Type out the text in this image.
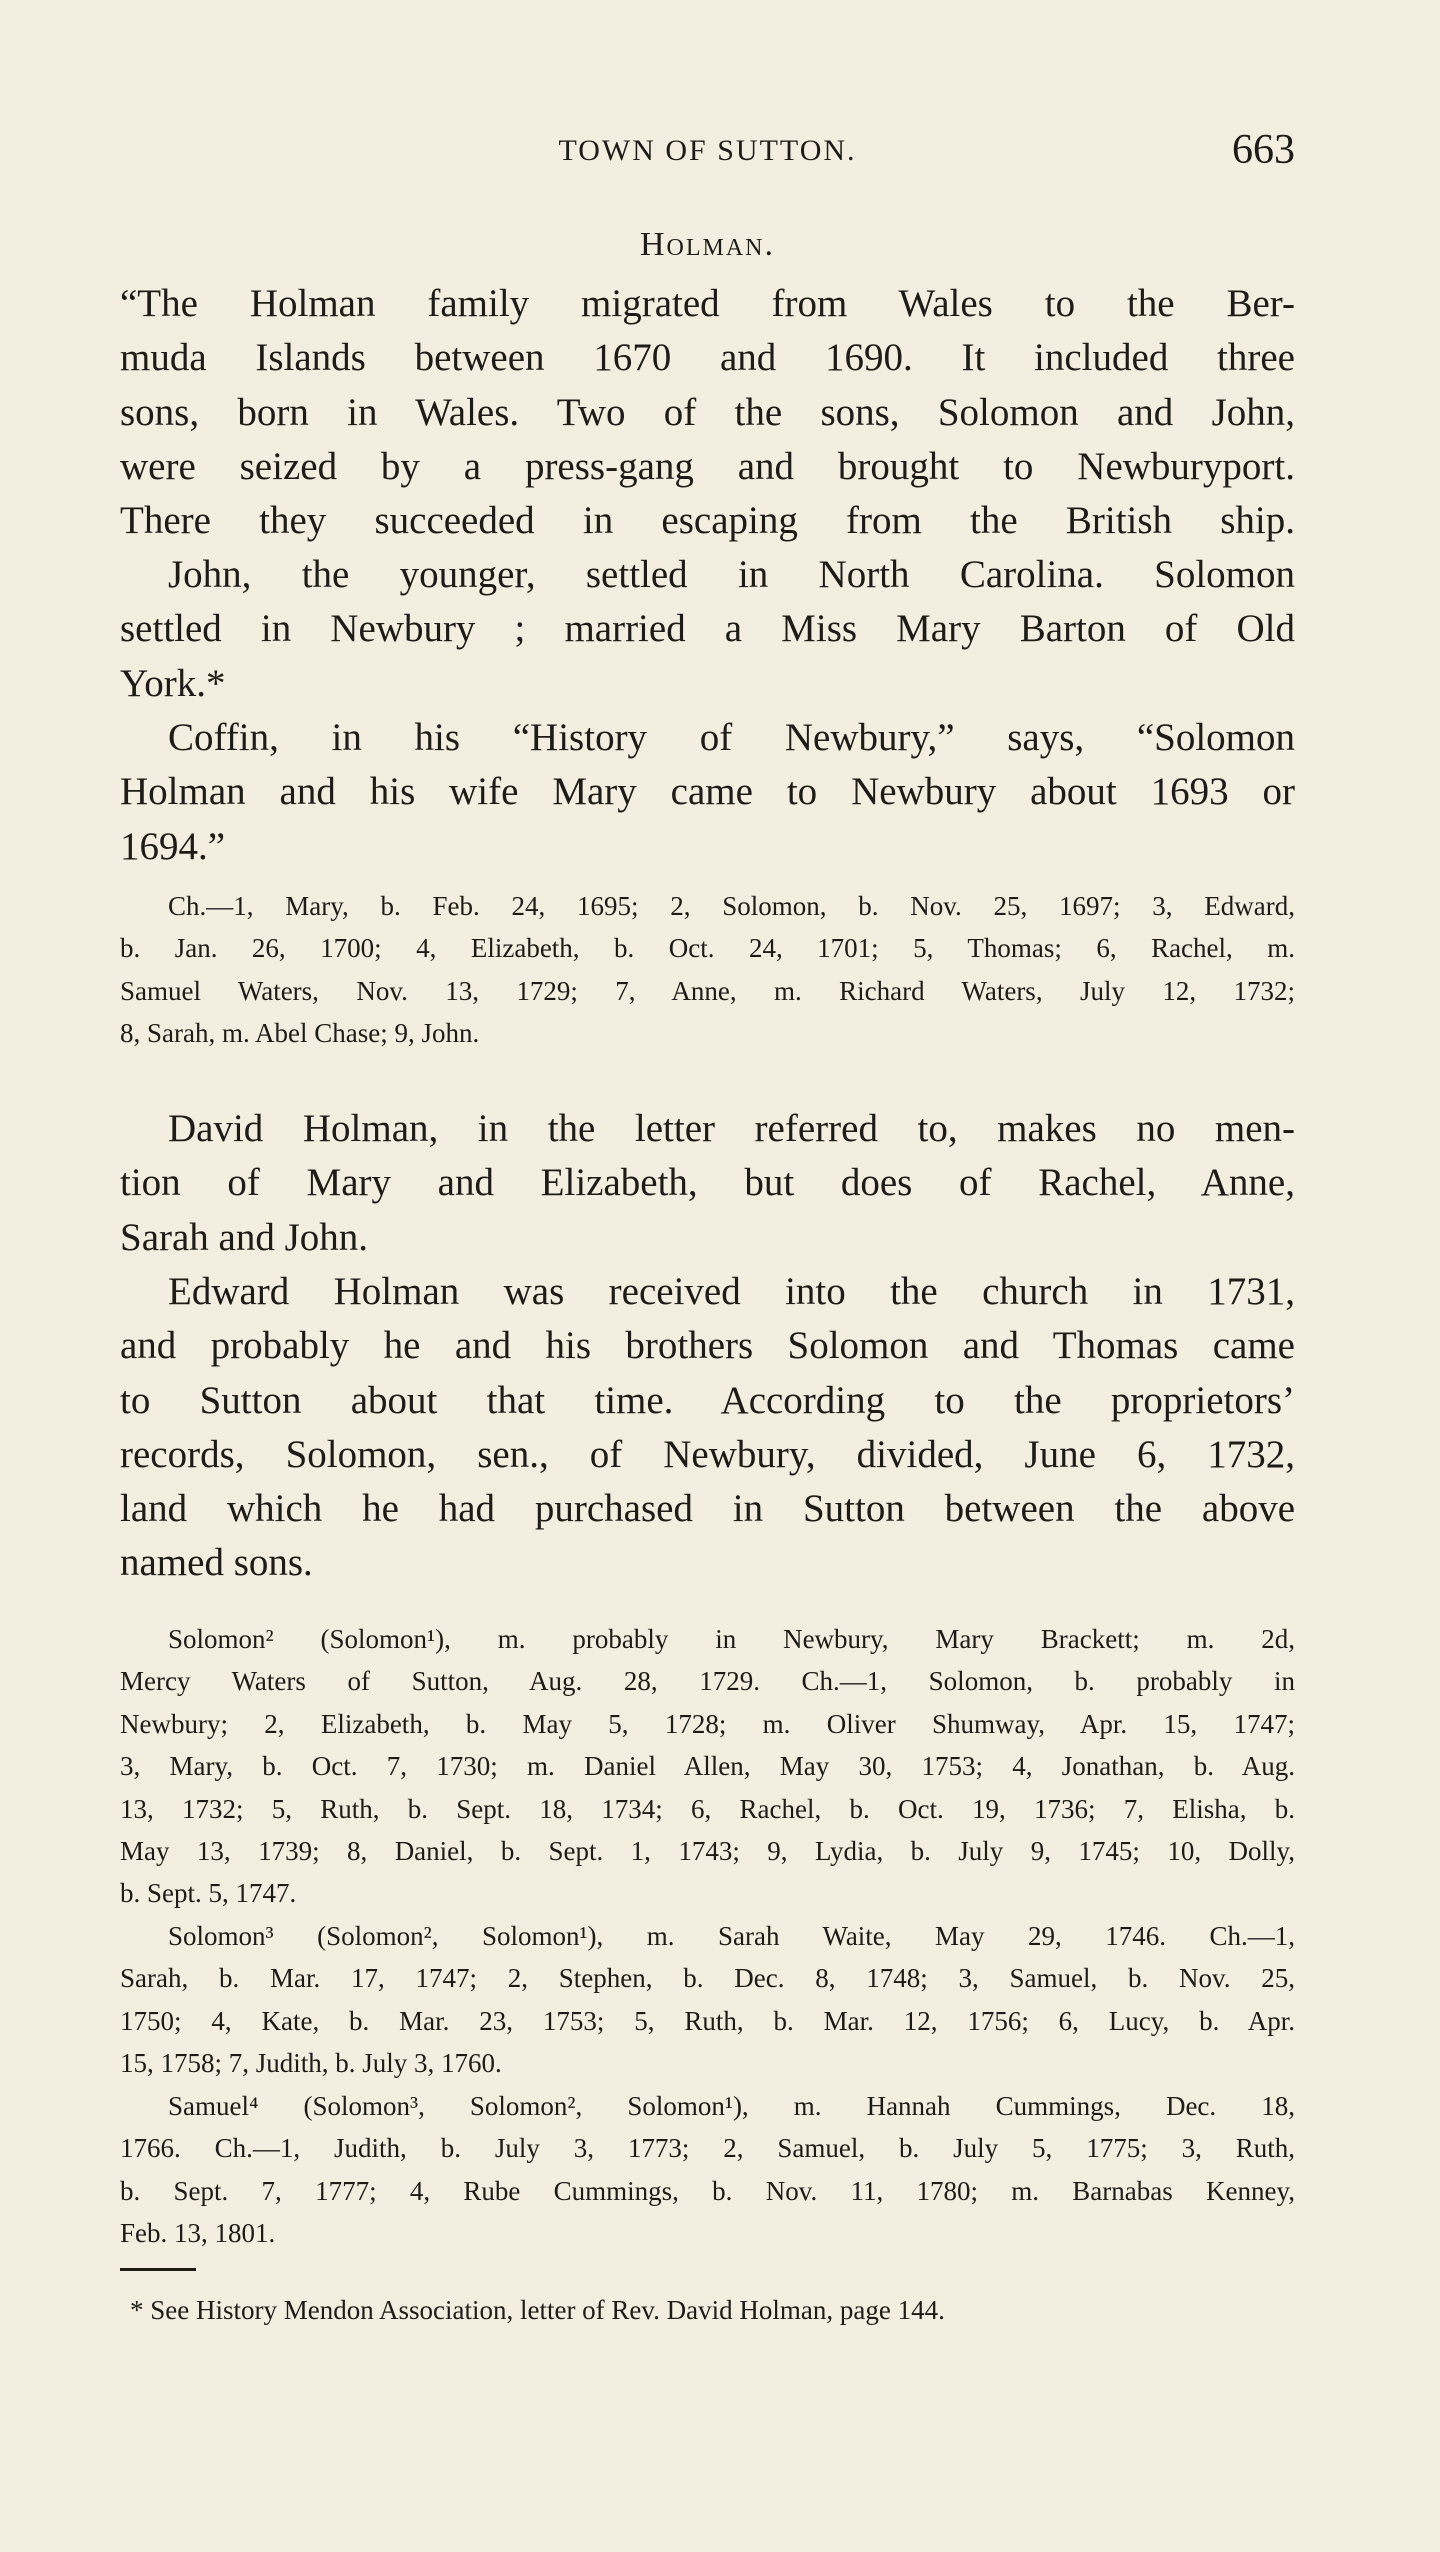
TOWN OF SUTTON.	663
Holman.

“The Holman family migrated from Wales to the Ber-
muda Islands between 1670 and 1690. It included three
sons, born in Wales. Two of the sons, Solomon and John,
were seized by a press-gang and brought to Newburyport.
There they succeeded in escaping from the British ship.

John, the younger, settled in North Carolina. Solomon
settled in Newbury ; married a Miss Mary Barton of Old
York.*

Coffin, in his “History of Newbury,” says, “Solomon
Holman and his wife Mary came to Newbury about 1693 or
1694.”

Ch.—1, Mary, b. Feb. 24, 1695; 2, Solomon, b. Nov. 25, 1697; 3, Edward,
b. Jan. 26, 1700; 4, Elizabeth, b. Oct. 24, 1701; 5, Thomas; 6, Rachel, m.
Samuel Waters, Nov. 13, 1729; 7, Anne, m. Richard Waters, July 12, 1732;
8, Sarah, m. Abel Chase; 9, John.

David Holman, in the letter referred to, makes no men-
tion of Mary and Elizabeth, but does of Rachel, Anne,
Sarah and John.

Edward Holman was received into the church in 1731,
and probably he and his brothers Solomon and Thomas came
to Sutton about that time. According to the proprietors’
records, Solomon, sen., of Newbury, divided, June 6, 1732,
land which he had purchased in Sutton between the above
named sons.

Solomon² (Solomon¹), m. probably in Newbury, Mary Brackett; m. 2d,
Mercy Waters of Sutton, Aug. 28, 1729. Ch.—1, Solomon, b. probably in
Newbury; 2, Elizabeth, b. May 5, 1728; m. Oliver Shumway, Apr. 15, 1747;
3, Mary, b. Oct. 7, 1730; m. Daniel Allen, May 30, 1753; 4, Jonathan, b. Aug.
13, 1732; 5, Ruth, b. Sept. 18, 1734; 6, Rachel, b. Oct. 19, 1736; 7, Elisha, b.
May 13, 1739; 8, Daniel, b. Sept. 1, 1743; 9, Lydia, b. July 9, 1745; 10, Dolly,
b. Sept. 5, 1747.

Solomon³ (Solomon², Solomon¹), m. Sarah Waite, May 29, 1746. Ch.—1,
Sarah, b. Mar. 17, 1747; 2, Stephen, b. Dec. 8, 1748; 3, Samuel, b. Nov. 25,
1750; 4, Kate, b. Mar. 23, 1753; 5, Ruth, b. Mar. 12, 1756; 6, Lucy, b. Apr.
15, 1758; 7, Judith, b. July 3, 1760.

Samuel⁴ (Solomon³, Solomon², Solomon¹), m. Hannah Cummings, Dec. 18,
1766. Ch.—1, Judith, b. July 3, 1773; 2, Samuel, b. July 5, 1775; 3, Ruth,
b. Sept. 7, 1777; 4, Rube Cummings, b. Nov. 11, 1780; m. Barnabas Kenney,
Feb. 13, 1801.

* See History Mendon Association, letter of Rev. David Holman, page 144.
